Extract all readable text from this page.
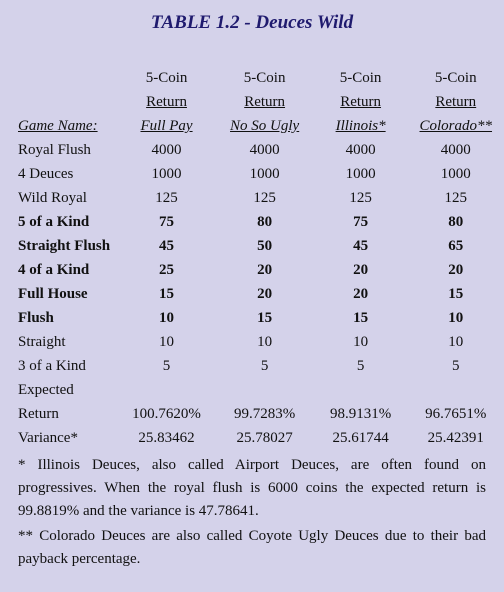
TABLE 1.2 - Deuces Wild
	5-Coin	5-Coin	5-Coin	5-Coin
	Return	Return	Return	Return
Game Name:	Full Pay	No So Ugly	Illinois*	Colorado**
Royal Flush	4000	4000	4000	4000
4 Deuces	1000	1000	1000	1000
Wild Royal	125	125	125	125
5 of a Kind	75	80	75	80
Straight Flush	45	50	45	65
4 of a Kind	25	20	20	20
Full House	15	20	20	15
Flush	10	15	15	10
Straight	10	10	10	10
3 of a Kind	5	5	5	5
Expected				
Return	100.7620%	99.7283%	98.9131%	96.7651%
Variance*	25.83462	25.78027	25.61744	25.42391

* Illinois Deuces, also called Airport Deuces, are often found on progressives. When the royal flush is 6000 coins the expected return is 99.8819% and the variance is 47.78641.

** Colorado Deuces are also called Coyote Ugly Deuces due to their bad payback percentage.
